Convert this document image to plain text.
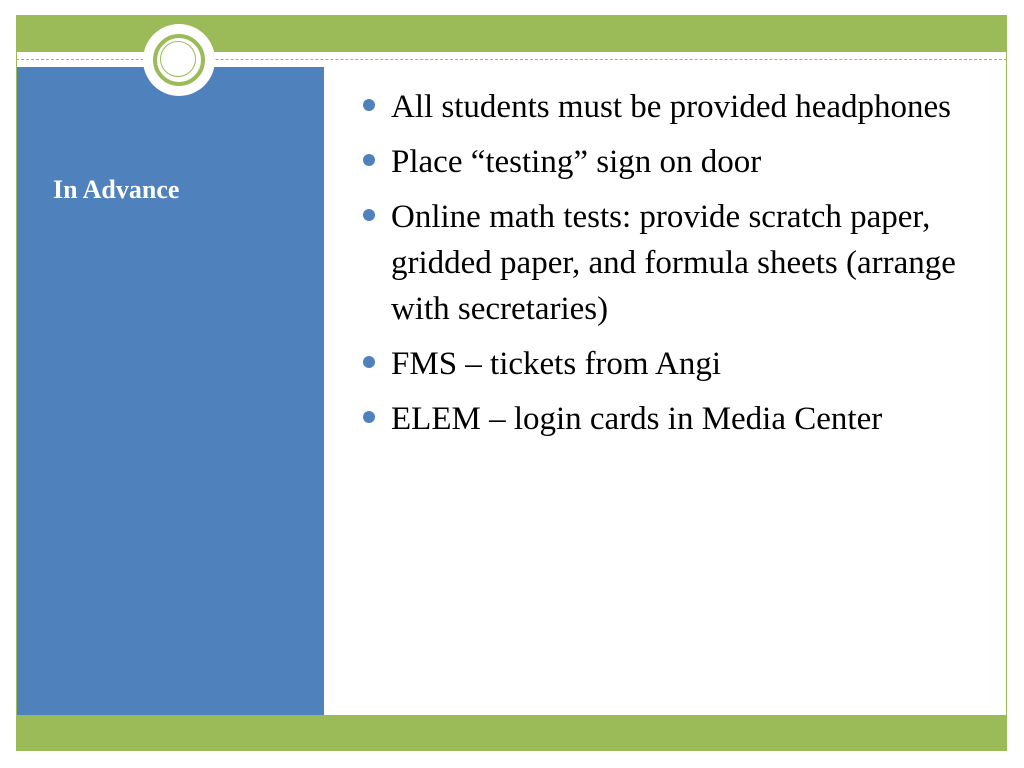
In Advance
All students must be provided headphones
Place “testing” sign on door
Online math tests: provide scratch paper, gridded paper, and formula sheets (arrange with secretaries)
FMS – tickets from Angi
ELEM – login cards in Media Center
